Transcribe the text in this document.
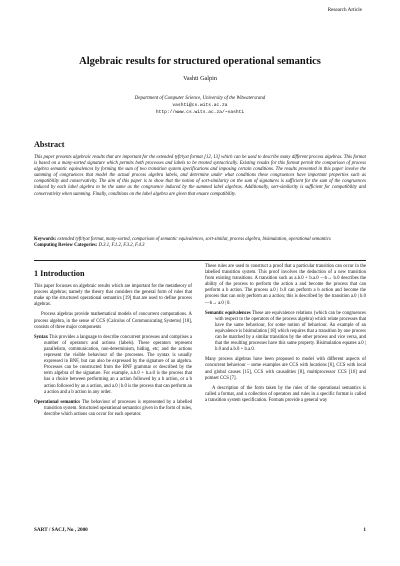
Research Article
Algebraic results for structured operational semantics
Vashti Galpin
Department of Computer Science, University of the Witwatersrand
vashti@cs.wits.ac.za
http://www.cs.wits.ac.za/~vashti
Abstract
This paper presents algebraic results that are important for the extended tyft/tyxt format [12, 13] which can be used to describe many different process algebras. This format is based on a many-sorted signature which permits both processes and labels to be treated syntactically. Existing results for this format permit the comparison of process algebra semantic equivalences by forming the sum of two transition system specifications and imposing certain conditions. The results presented in this paper involve the summing of congruences that model the actual process algebra labels, and determine under what conditions these congruences have important properties such as compatibility and conservativity. The aim of this paper is to show that the notion of sort-similarity on the sum of signatures is sufficient for the sum of the congruences induced by each label algebra to be the same as the congruence induced by the summed label algebras. Additionally, sort-similarity is sufficient for compatibility and conservativity when summing. Finally, conditions on the label algebra are given that ensure compatibility.
Keywords: extended tyft/tyxt format, many-sorted, comparison of semantic equivalences, sort-similar, process algebra, bisimulation, operational semantics
Computing Review Categories: D.3.1, F.1.2, F.3.2, F.4.3
1 Introduction

This paper focusses on algebraic results which are important for the metatheory of process algebras; namely the theory that considers the general form of rules that make up the structured operational semantics [19] that are used to define process algebras.

Process algebras provide mathematical models of concurrent computations. A process algebra, in the sense of CCS (Calculus of Communicating Systems) [18], consists of three major components

Syntax This provides a language to describe concurrent processes and comprises a number of operators and actions (labels). These operators represent parallelism, communication, non-determinism, hiding, etc; and the actions represent the visible behaviour of the processes. The syntax is usually expressed in BNF, but can also be expressed by the signature of an algebra. Processes can be constructed from the BNF grammar or described by the term algebra of the signature. For example, a.b.0 + b.a.0 is the process that has a choice between performing an a action followed by a b action, or a b action followed by an a action, and a.0 | b.0 is the process that can perform an a action and a b action in any order.

Operational semantics The behaviour of processes is represented by a labelled transition system. Structured operational semantics given in the form of rules, describe which actions can occur for each operator.

These rules are used to construct a proof that a particular transition can occur in the labelled transition system. This proof involves the deduction of a new transition from existing transitions. A transition such as a.b.0 + b.a.0 —b→ b.0 describes the ability of the process to perform the action a and become the process that can perform a b action. The process a.0 | b.0 can perform a b action and become the process that can only perform an a action; this is described by the transition a.0 | b.0 —b→ a.0 | 0.

Semantic equivalences These are equivalence relations (which can be congruences with respect to the operators of the process algebra) which relate processes that have the same behaviour, for some notion of behaviour. An example of an equivalence is bisimulation [18] which requires that a transition by one process can be matched by a similar transition by the other process and vice versa, and that the resulting processes have this same property. Bisimulation equates a.0 | b.0 and a.b.0 + b.a.0.

Many process algebras have been proposed to model with different aspects of concurrent behaviour – some examples are CCS with locations [6], CCS with local and global causes [15], CCS with causalities [8], multiprocessor CCS [16] and pomset CCS [7].

A description of the form taken by the rules of the operational semantics is called a format, and a collection of operators and rules in a specific format is called a transition system specification. Formats provide a general way

SART / SACJ, No , 2000	1
